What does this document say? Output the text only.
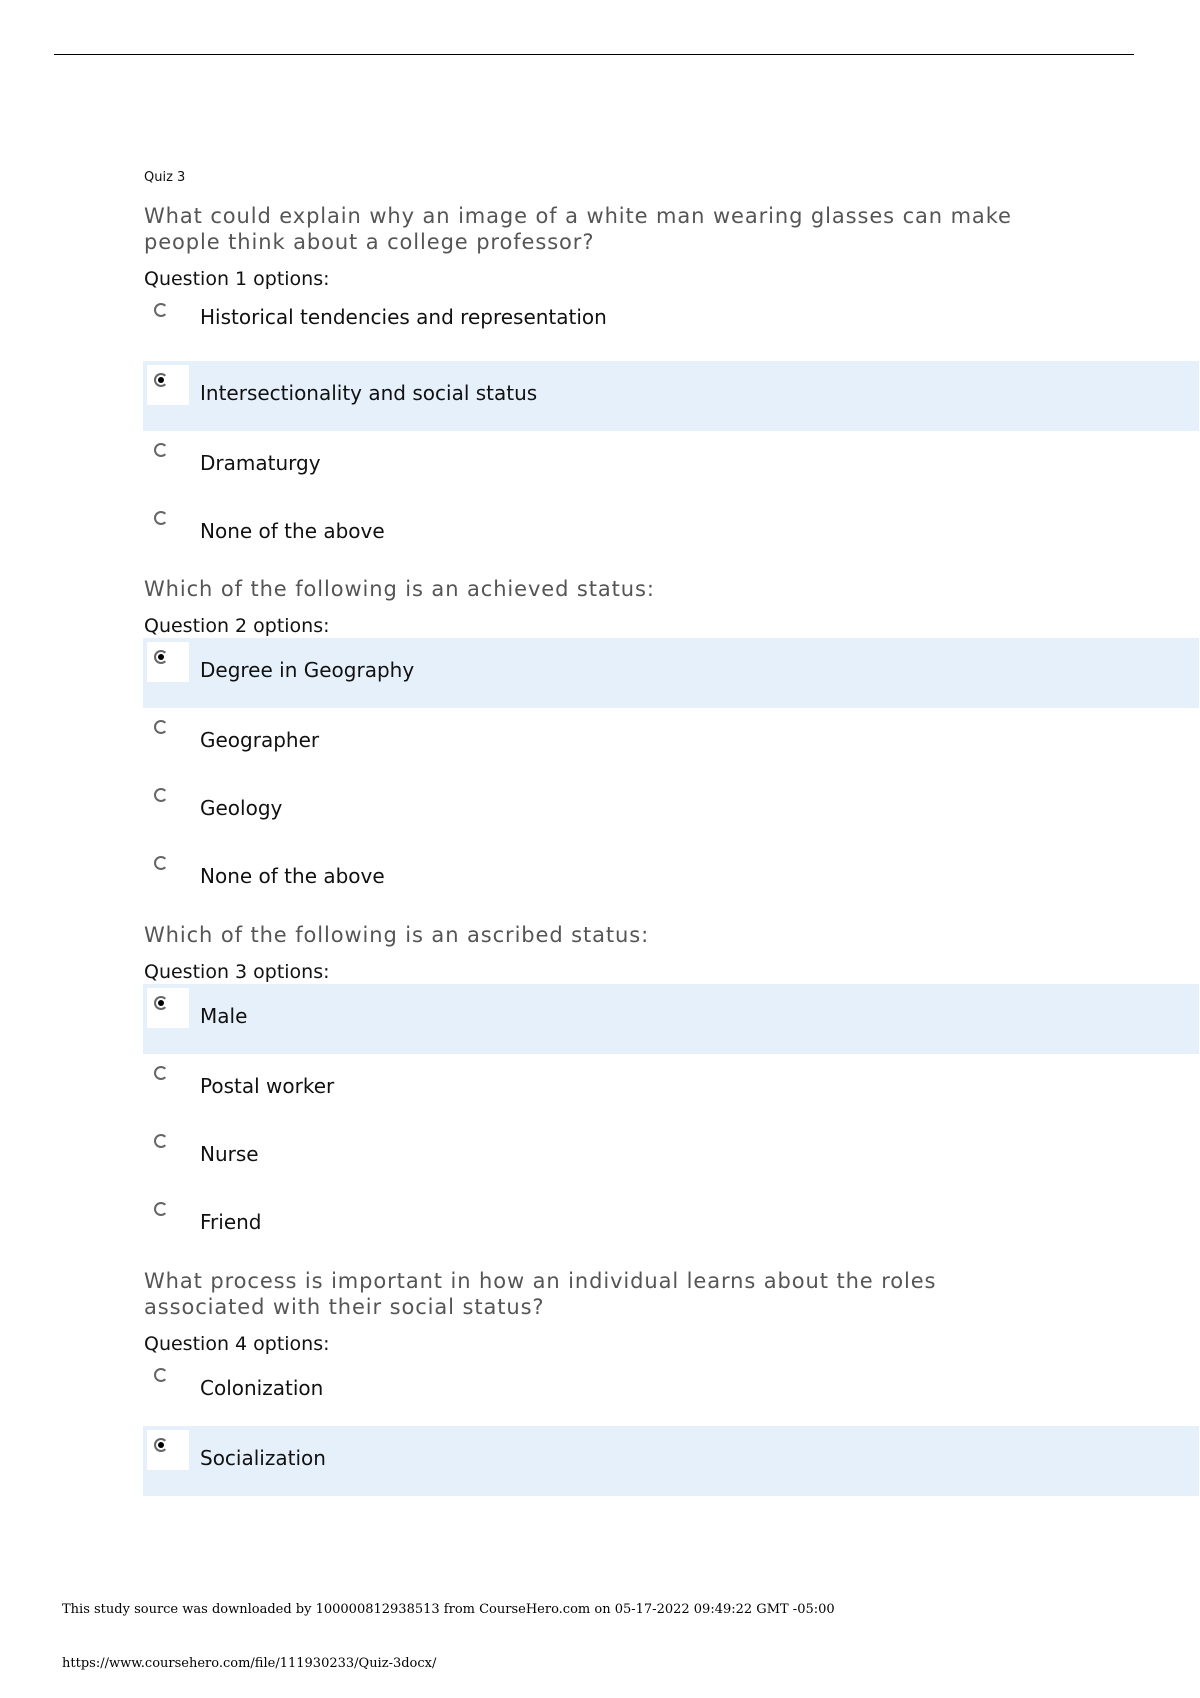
Quiz 3
What could explain why an image of a white man wearing glasses can make people think about a college professor?
Question 1 options:
Historical tendencies and representation
Intersectionality and social status
Dramaturgy
None of the above
Which of the following is an achieved status:
Question 2 options:
Degree in Geography
Geographer
Geology
None of the above
Which of the following is an ascribed status:
Question 3 options:
Male
Postal worker
Nurse
Friend
What process is important in how an individual learns about the roles associated with their social status?
Question 4 options:
Colonization
Socialization
This study source was downloaded by 100000812938513 from CourseHero.com on 05-17-2022 09:49:22 GMT -05:00
https://www.coursehero.com/file/111930233/Quiz-3docx/
